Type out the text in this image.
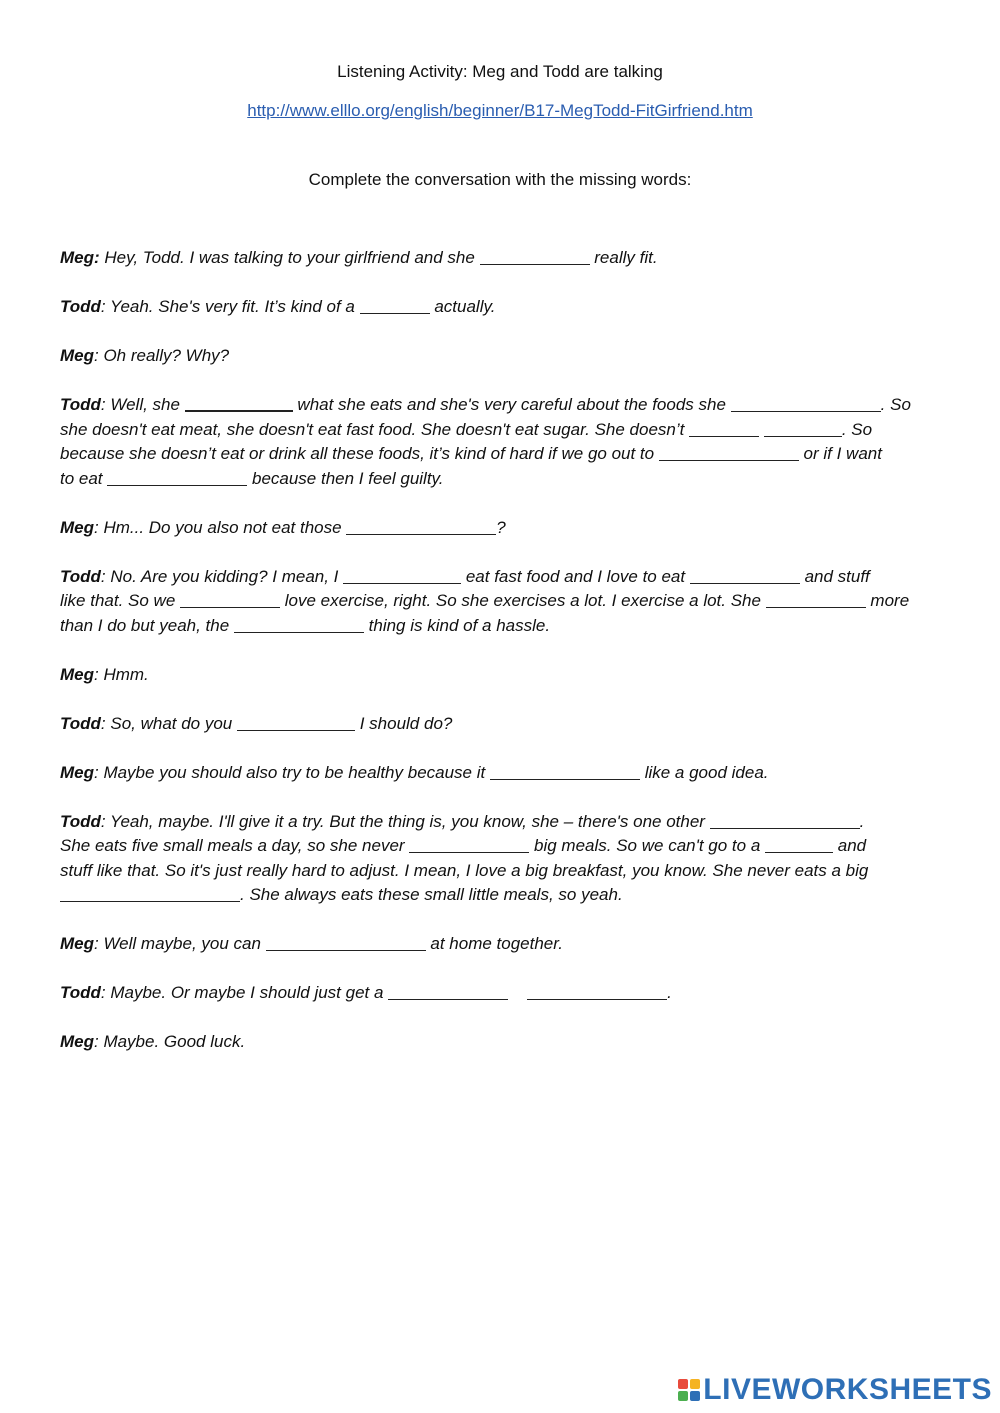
Listening Activity: Meg and Todd are talking
http://www.elllo.org/english/beginner/B17-MegTodd-FitGirfriend.htm
Complete the conversation with the missing words:

Meg: Hey, Todd. I was talking to your girlfriend and she	really fit.

Todd: Yeah. She's very fit. It’s kind of a	actually.

Meg: Oh really? Why?

Todd: Well, she	what she eats and she's very careful about the foods she	. So
she doesn't eat meat, she doesn't eat fast food. She doesn't eat sugar. She doesn’t	. So
because she doesn’t eat or drink all these foods, it’s kind of hard if we go out to	or if I want
to eat	because then I feel guilty.

Meg: Hm... Do you also not eat those	?

Todd: No. Are you kidding? I mean, I	eat fast food and I love to eat	and stuff
like that. So we	love exercise, right. So she exercises a lot. I exercise a lot. She	more
than I do but yeah, the	thing is kind of a hassle.

Meg: Hmm.

Todd: So, what do you	I should do?

Meg: Maybe you should also try to be healthy because it	like a good idea.

Todd: Yeah, maybe. I'll give it a try. But the thing is, you know, she – there's one other	.
She eats five small meals a day, so she never	big meals. So we can't go to a	and
stuff like that. So it's just really hard to adjust. I mean, I love a big breakfast, you know. She never eats a big
. She always eats these small little meals, so yeah.

Meg: Well maybe, you can	at home together.

Todd: Maybe. Or maybe I should just get a	.

Meg: Maybe. Good luck.

LIVEWORKSHEETS
